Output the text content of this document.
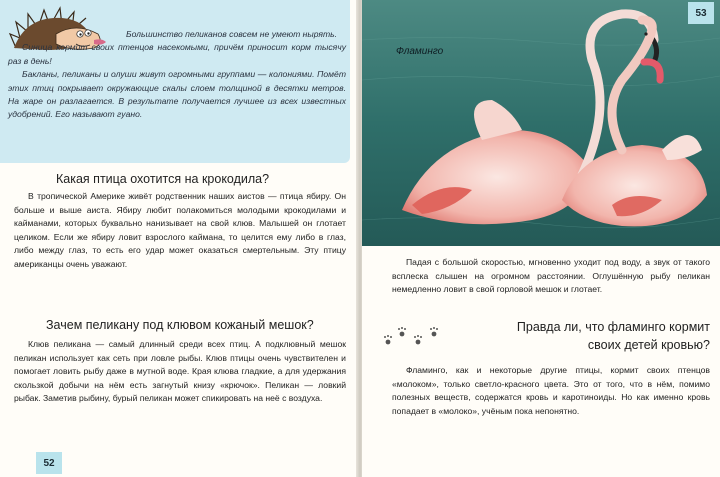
Большинство пеликанов совсем не умеют нырять.

Синица кормит своих птенцов насекомыми, причём приносит корм тысячу раз в день!

Бакланы, пеликаны и олуши живут огромными группами — колониями. Помёт этих птиц покрывает окружающие скалы слоем толщиной в десятки метров. На жаре он разлагается. В результате получается лучшее из всех известных удобрений. Его называют гуано.

Какая птица охотится на крокодила?

В тропической Америке живёт родственник наших аистов — птица ябиру. Он больше и выше аиста. Ябиру любит полакомиться молодыми крокодилами и кайманами, которых буквально нанизывает на свой клюв. Малышей он глотает целиком. Если же ябиру ловит взрослого каймана, то целится ему либо в глаз, либо между глаз, то есть его удар может оказаться смертельным. Эту птицу американцы очень уважают.

Зачем пеликану под клювом кожаный мешок?

Клюв пеликана — самый длинный среди всех птиц. А подклювный мешок пеликан использует как сеть при ловле рыбы. Клюв птицы очень чувствителен и помогает ловить рыбу даже в мутной воде. Края клюва гладкие, а для удержания скользкой добычи на нём есть загнутый книзу «крючок». Пеликан — ловкий рыбак. Заметив рыбину, бурый пеликан может спикировать на неё с воздуха.

52
Фламинго
53

Падая с большой скоростью, мгновенно уходит под воду, а звук от такого всплеска слышен на огромном расстоянии. Оглушённую рыбу пеликан немедленно ловит в свой горловой мешок и глотает.

Правда ли, что фламинго кормит своих детей кровью?

Фламинго, как и некоторые другие птицы, кормит своих птенцов «молоком», только светло-красного цвета. Это от того, что в нём, помимо полезных веществ, содержатся кровь и каротиноиды. Но как именно кровь попадает в «молоко», учёным пока непонятно.
